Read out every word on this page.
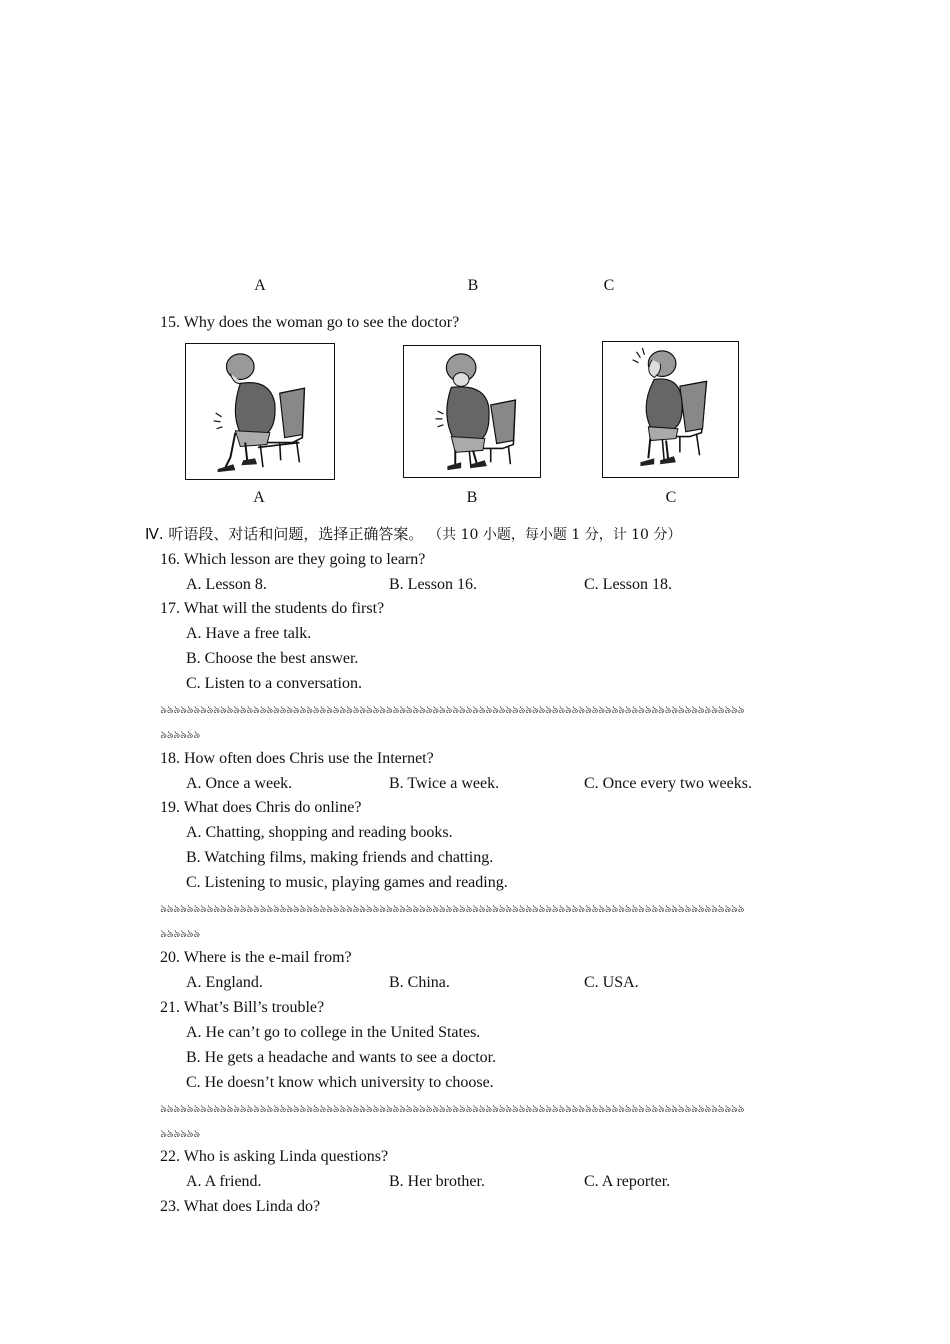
A	B	C
15. Why does the woman go to see the doctor?
A	B	C
Ⅳ. 听语段、对话和问题，选择正确答案。 （共 10 小题，每小题 1 分，计 10 分）
16. Which lesson are they going to learn?
A. Lesson 8.	B. Lesson 16.	C. Lesson 18.
17. What will the students do first?
A. Have a free talk.
B. Choose the best answer.
C. Listen to a conversation.
﻿৯৯৯৯৯৯৯৯৯৯৯৯৯৯৯৯৯৯৯৯৯৯৯৯৯৯৯৯৯৯৯৯৯৯৯৯৯৯৯৯৯৯৯৯৯৯৯৯৯৯৯৯৯৯৯৯৯৯৯৯৯৯৯৯৯৯৯৯৯৯৯৯৯৯৯৯৯৯৯৯৯৯৯৯৯৯৯৯
৯৯৯৯৯৯
18. How often does Chris use the Internet?
A. Once a week.	B. Twice a week.	C. Once every two weeks.
19. What does Chris do online?
A. Chatting, shopping and reading books.
B. Watching films, making friends and chatting.
C. Listening to music, playing games and reading.
﻿৯৯৯৯৯৯৯৯৯৯৯৯৯৯৯৯৯৯৯৯৯৯৯৯৯৯৯৯৯৯৯৯৯৯৯৯৯৯৯৯৯৯৯৯৯৯৯৯৯৯৯৯৯৯৯৯৯৯৯৯৯৯৯৯৯৯৯৯৯৯৯৯৯৯৯৯৯৯৯৯৯৯৯৯৯৯৯৯
৯৯৯৯৯৯
20. Where is the e-mail from?
A. England.	B. China.	C. USA.
21. What’s Bill’s trouble?
A. He can’t go to college in the United States.
B. He gets a headache and wants to see a doctor.
C. He doesn’t know which university to choose.
﻿৯৯৯৯৯৯৯৯৯৯৯৯৯৯৯৯৯৯৯৯৯৯৯৯৯৯৯৯৯৯৯৯৯৯৯৯৯৯৯৯৯৯৯৯৯৯৯৯৯৯৯৯৯৯৯৯৯৯৯৯৯৯৯৯৯৯৯৯৯৯৯৯৯৯৯৯৯৯৯৯৯৯৯৯৯৯৯৯
৯৯৯৯৯৯
22. Who is asking Linda questions?
A. A friend.	B. Her brother.	C. A reporter.
23. What does Linda do?
